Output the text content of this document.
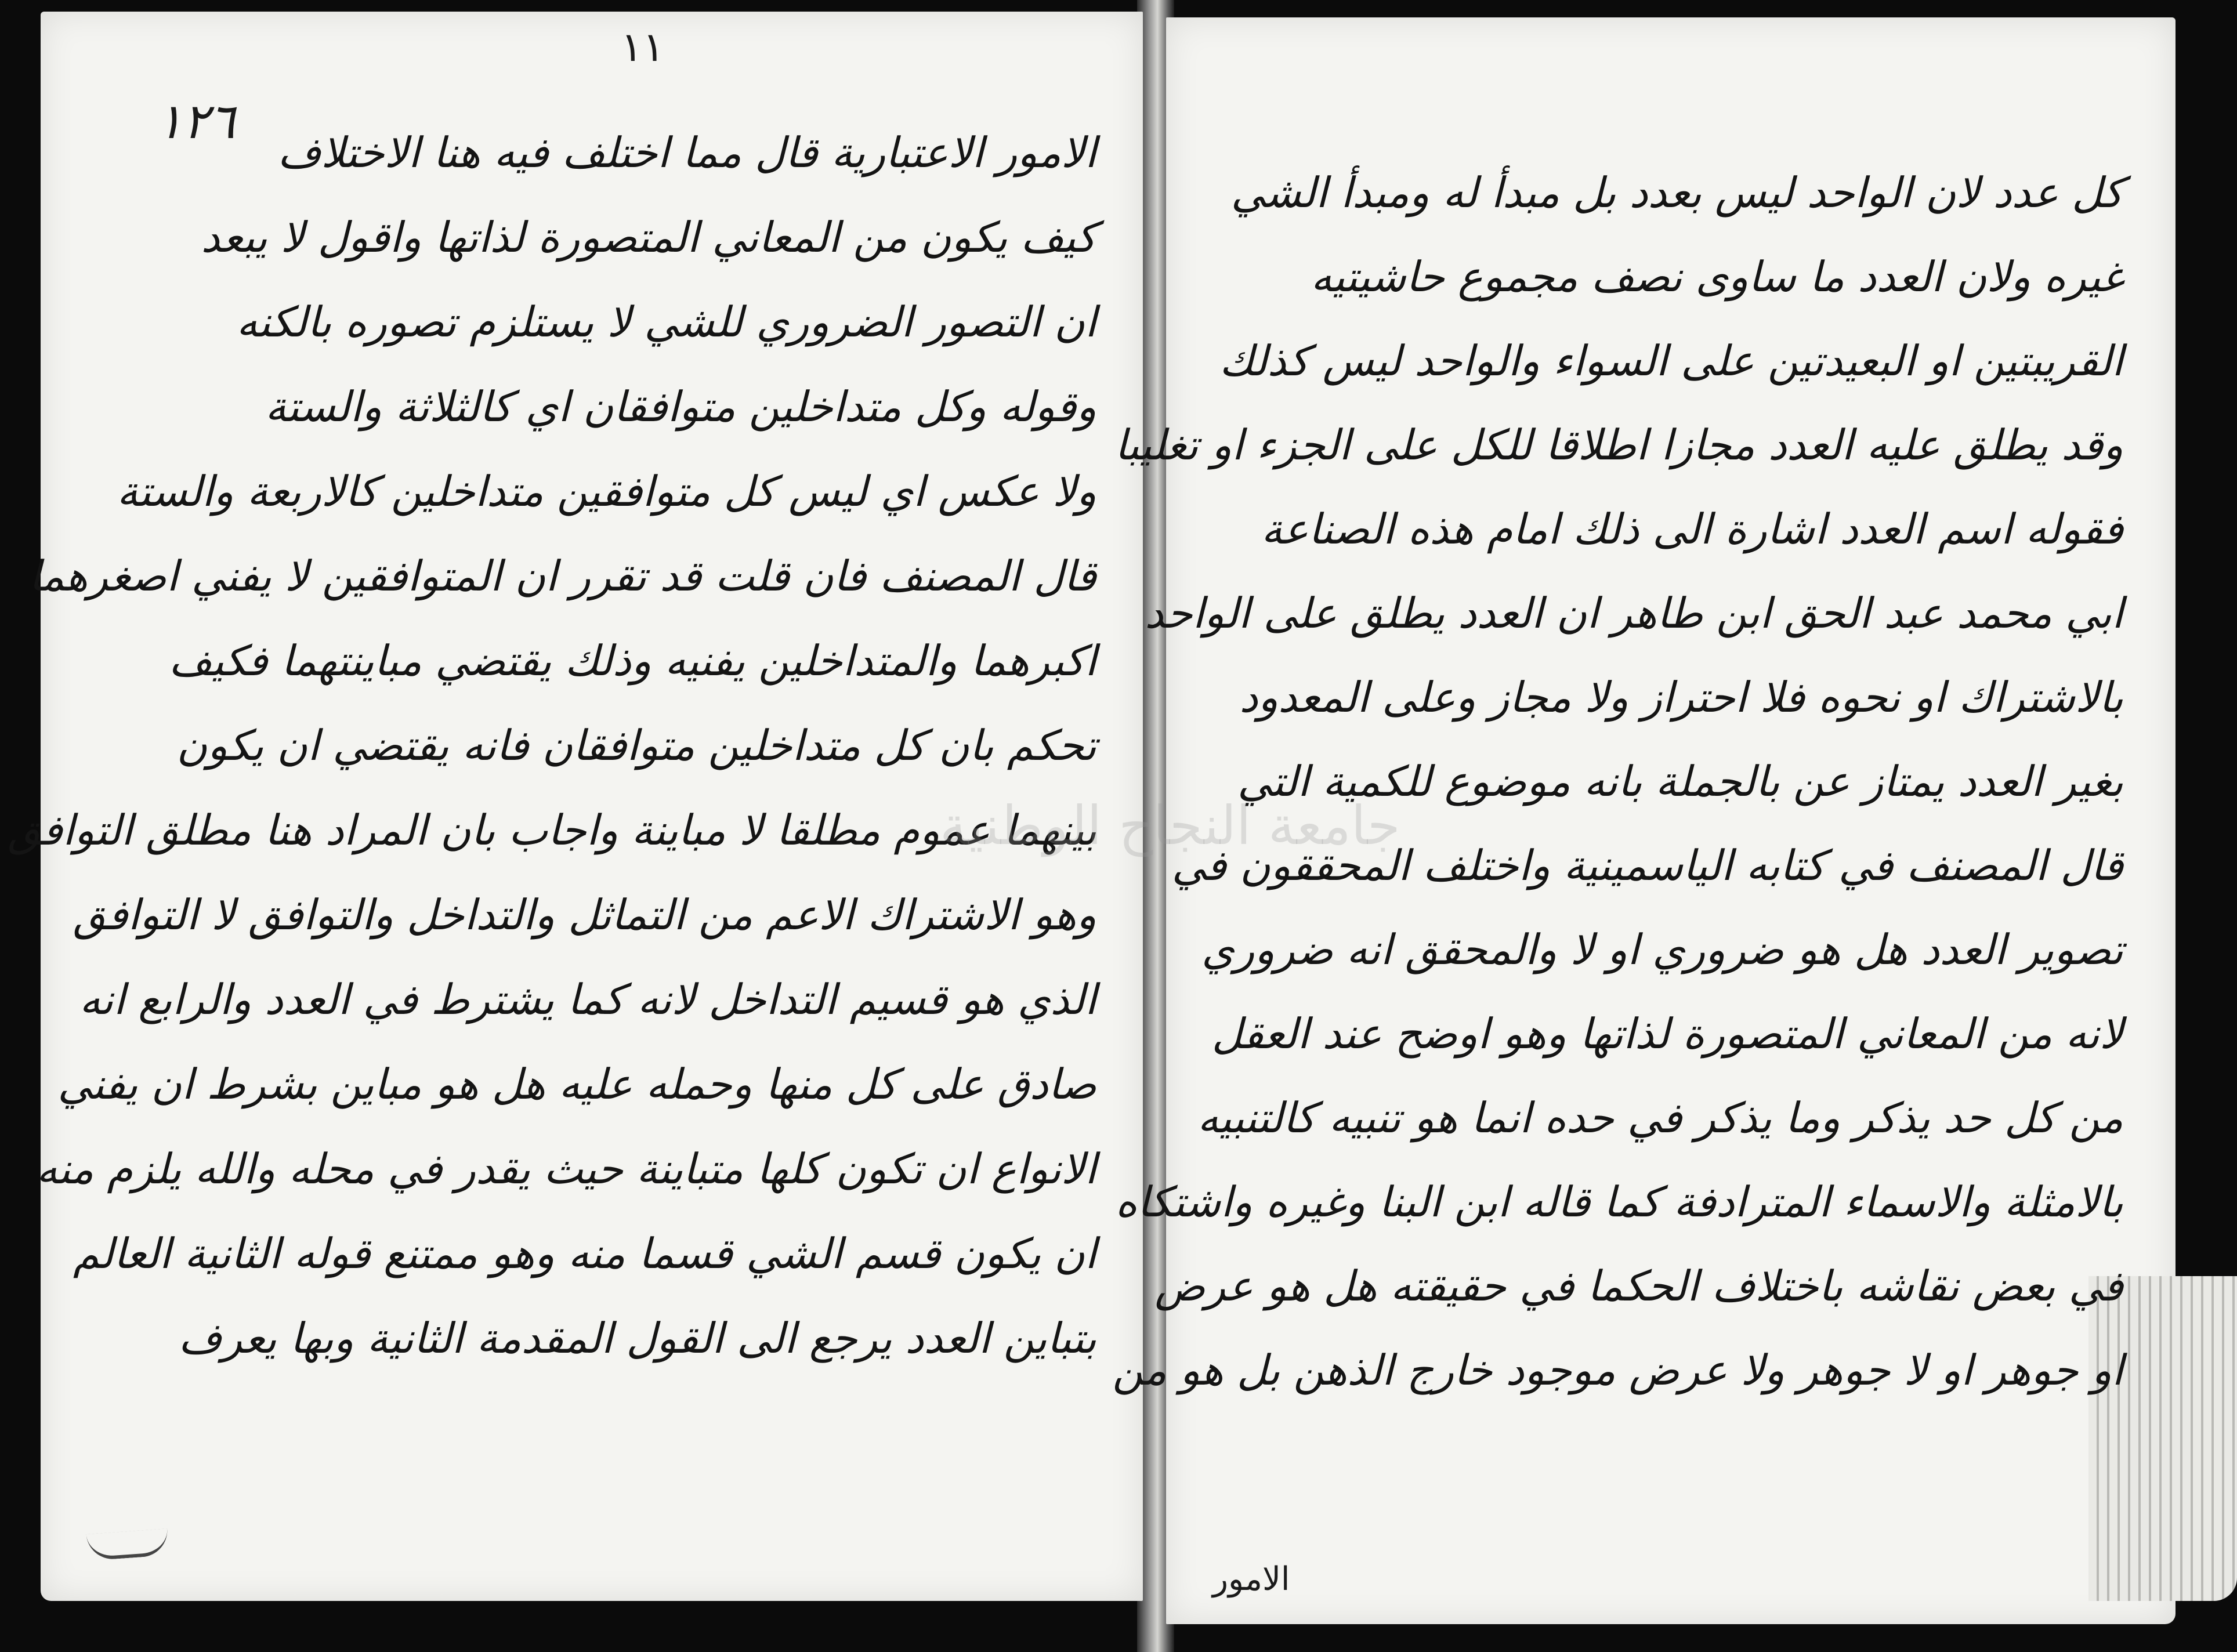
١١
١٢٦
الامور الاعتبارية قال مما اختلف فيه هنا الاختلاف
كيف يكون من المعاني المتصورة لذاتها واقول لا يبعد
ان التصور الضروري للشي لا يستلزم تصوره بالكنه
وقوله وكل متداخلين متوافقان اي كالثلاثة والستة
ولا عكس اي ليس كل متوافقين متداخلين كالاربعة والستة
قال المصنف فان قلت قد تقرر ان المتوافقين لا يفني اصغرهما
اكبرهما والمتداخلين يفنيه وذلك يقتضي مباينتهما فكيف
تحكم بان كل متداخلين متوافقان فانه يقتضي ان يكون
بينهما عموم مطلقا لا مباينة واجاب بان المراد هنا مطلق التوافق
وهو الاشتراك الاعم من التماثل والتداخل والتوافق لا التوافق
الذي هو قسيم التداخل لانه كما يشترط في العدد والرابع انه
صادق على كل منها وحمله عليه هل هو مباين بشرط ان يفني
الانواع ان تكون كلها متباينة حيث يقدر في محله والله يلزم منه
ان يكون قسم الشي قسما منه وهو ممتنع قوله الثانية العالم
بتباين العدد يرجع الى القول المقدمة الثانية وبها يعرف
كل عدد لان الواحد ليس بعدد بل مبدأ له ومبدأ الشي
غيره ولان العدد ما ساوى نصف مجموع حاشيتيه
القريبتين او البعيدتين على السواء والواحد ليس كذلك
وقد يطلق عليه العدد مجازا اطلاقا للكل على الجزء او تغليبا
فقوله اسم العدد اشارة الى ذلك امام هذه الصناعة
ابي محمد عبد الحق ابن طاهر ان العدد يطلق على الواحد
بالاشتراك او نحوه فلا احتراز ولا مجاز وعلى المعدود
بغير العدد يمتاز عن بالجملة بانه موضوع للكمية التي
قال المصنف في كتابه الياسمينية واختلف المحققون في
تصوير العدد هل هو ضروري او لا والمحقق انه ضروري
لانه من المعاني المتصورة لذاتها وهو اوضح عند العقل
من كل حد يذكر وما يذكر في حده انما هو تنبيه كالتنبيه
بالامثلة والاسماء المترادفة كما قاله ابن البنا وغيره واشتكاه
في بعض نقاشه باختلاف الحكما في حقيقته هل هو عرض
او جوهر او لا جوهر ولا عرض موجود خارج الذهن بل هو من
الامور
جامعة النجاح الوطنية
